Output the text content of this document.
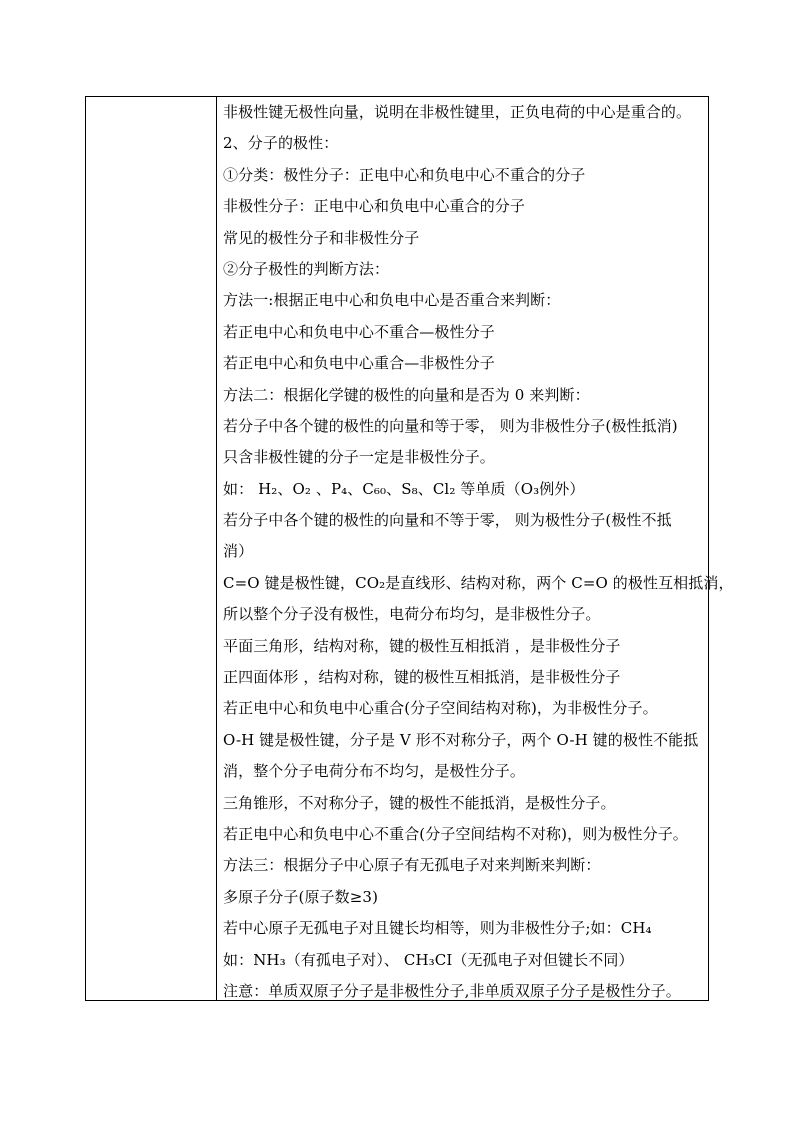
非极性键无极性向量，说明在非极性键里，正负电荷的中心是重合的。
2、分子的极性：
①分类：极性分子：正电中心和负电中心不重合的分子
非极性分子：正电中心和负电中心重合的分子
常见的极性分子和非极性分子
②分子极性的判断方法：
方法一:根据正电中心和负电中心是否重合来判断：
若正电中心和负电中心不重合—极性分子
若正电中心和负电中心重合—非极性分子
方法二：根据化学键的极性的向量和是否为 0 来判断：
若分子中各个键的极性的向量和等于零， 则为非极性分子(极性抵消)
只含非极性键的分子一定是非极性分子。
如： H₂、O₂ 、P₄、C₆₀、S₈、Cl₂ 等单质（O₃例外）
若分子中各个键的极性的向量和不等于零， 则为极性分子(极性不抵
消）
C=O 键是极性键，CO₂是直线形、结构对称，两个 C=O 的极性互相抵消，
所以整个分子没有极性，电荷分布均匀，是非极性分子。
平面三角形，结构对称，键的极性互相抵消 ，是非极性分子
正四面体形 ，结构对称，键的极性互相抵消，是非极性分子
若正电中心和负电中心重合(分子空间结构对称)，为非极性分子。
O-H 键是极性键，分子是 V 形不对称分子，两个 O-H 键的极性不能抵
消，整个分子电荷分布不均匀，是极性分子。
三角锥形，不对称分子，键的极性不能抵消，是极性分子。
若正电中心和负电中心不重合(分子空间结构不对称)，则为极性分子。
方法三：根据分子中心原子有无孤电子对来判断来判断：
多原子分子(原子数≥3)
若中心原子无孤电子对且键长均相等，则为非极性分子;如：CH₄
如：NH₃（有孤电子对）、 CH₃CI（无孤电子对但键长不同）
注意：单质双原子分子是非极性分子,非单质双原子分子是极性分子。
